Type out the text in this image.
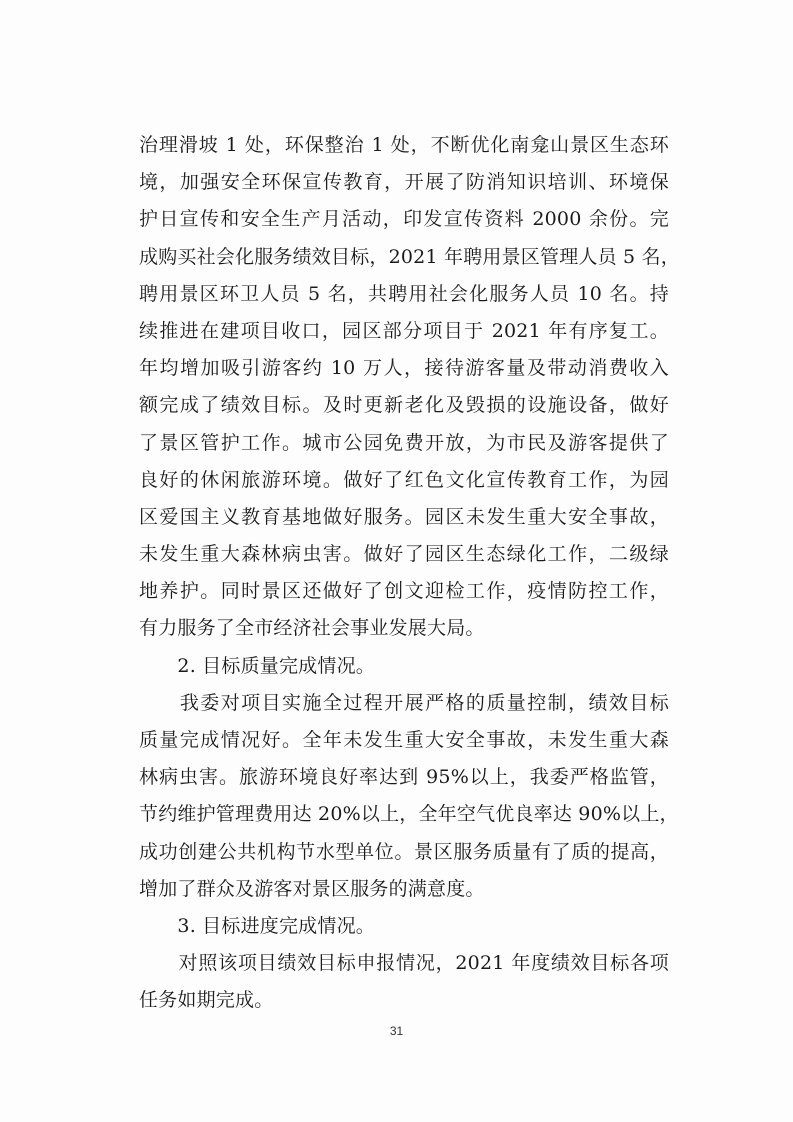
治理滑坡 1 处，环保整治 1 处，不断优化南龛山景区生态环
境，加强安全环保宣传教育，开展了防消知识培训、环境保
护日宣传和安全生产月活动，印发宣传资料 2000 余份。完
成购买社会化服务绩效目标，2021 年聘用景区管理人员 5 名，
聘用景区环卫人员 5 名，共聘用社会化服务人员 10 名。持
续推进在建项目收口，园区部分项目于 2021 年有序复工。
年均增加吸引游客约 10 万人，接待游客量及带动消费收入
额完成了绩效目标。及时更新老化及毁损的设施设备，做好
了景区管护工作。城市公园免费开放，为市民及游客提供了
良好的休闲旅游环境。做好了红色文化宣传教育工作，为园
区爱国主义教育基地做好服务。园区未发生重大安全事故，
未发生重大森林病虫害。做好了园区生态绿化工作，二级绿
地养护。同时景区还做好了创文迎检工作，疫情防控工作，
有力服务了全市经济社会事业发展大局。
　　2. 目标质量完成情况。
　　我委对项目实施全过程开展严格的质量控制，绩效目标
质量完成情况好。全年未发生重大安全事故，未发生重大森
林病虫害。旅游环境良好率达到 95%以上，我委严格监管，
节约维护管理费用达 20%以上，全年空气优良率达 90%以上，
成功创建公共机构节水型单位。景区服务质量有了质的提高，
增加了群众及游客对景区服务的满意度。
　　3. 目标进度完成情况。
　　对照该项目绩效目标申报情况，2021 年度绩效目标各项
任务如期完成。
31
